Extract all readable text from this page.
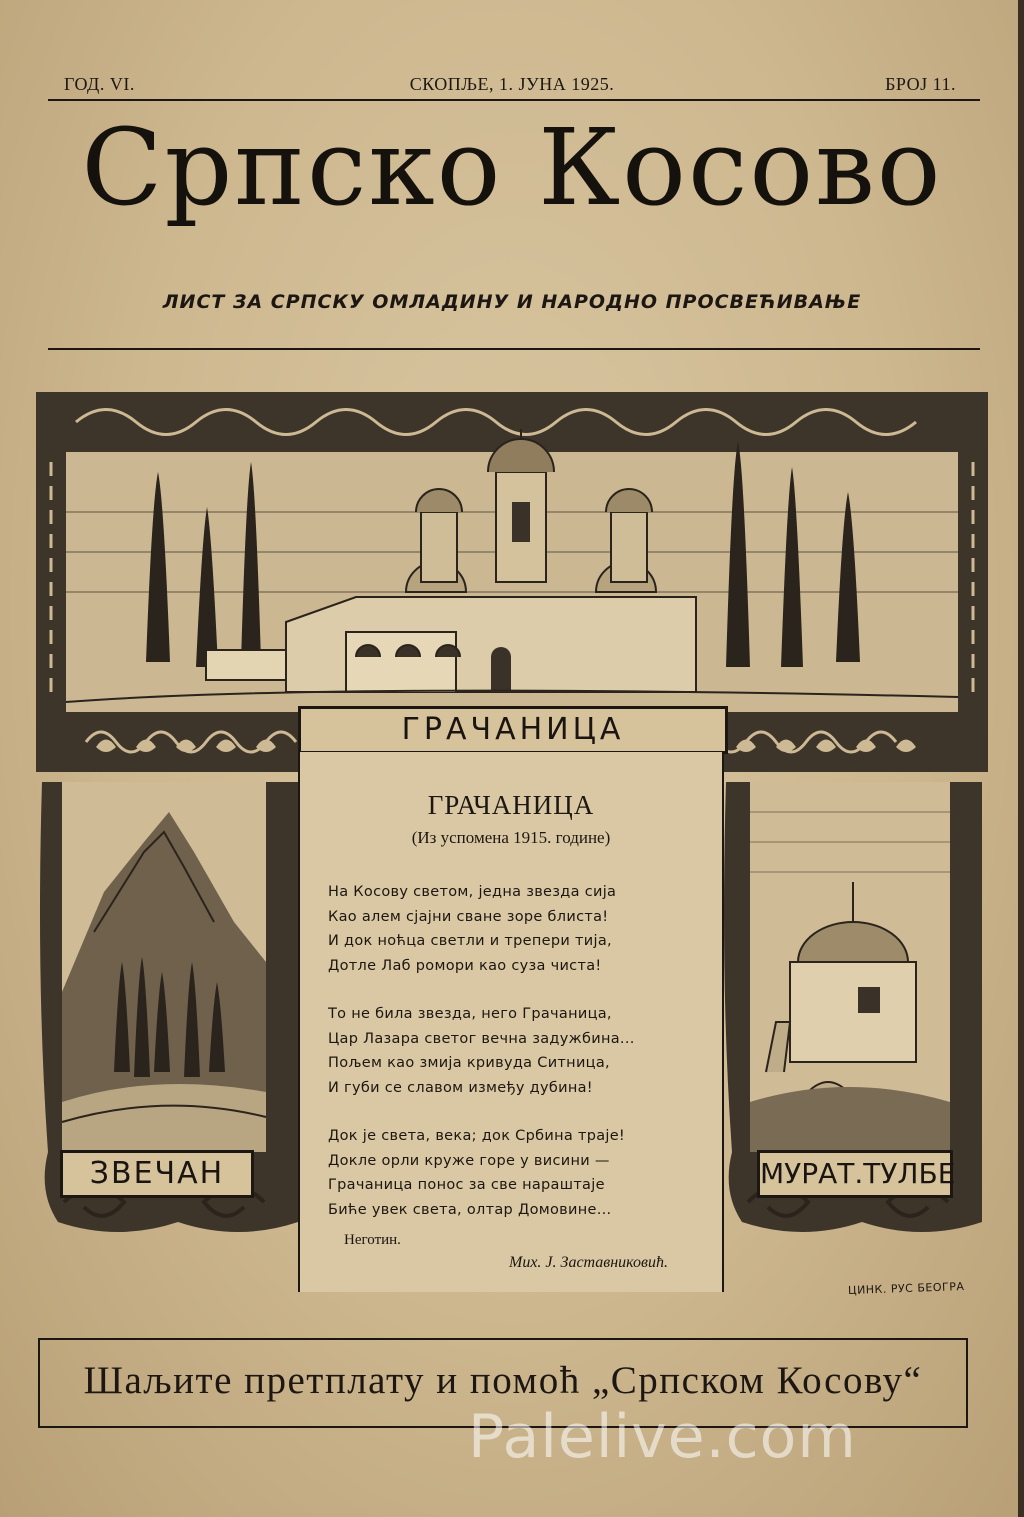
ГОД. VI.	СКОПЉЕ, 1. ЈУНА 1925.	БРОЈ 11.
Српско Косово
ЛИСТ ЗА СРПСКУ ОМЛАДИНУ И НАРОДНО ПРОСВЕЋИВАЊЕ
ГРАЧАНИЦА
ЗВЕЧАН	МУРАТ.ТУЛБЕ
ГРАЧАНИЦА
(Из успомена 1915. године)
На Косову светом, једна звезда сија
Као алем сјајни сване зоре блиста!
И док ноћца светли и трепери тија,
Дотле Лаб ромори као суза чиста!
То не била звезда, него Грачаница,
Цар Лазара светог вечна задужбина...
Пољем као змија кривуда Ситница,
И губи се славом између дубина!
Док је света, века; док Србина траје!
Докле орли круже горе у висини —
Грачаница понос за све нараштаје
Биће увек света, олтар Домовине...
Неготин.
Мих. Ј. Заставниковић.
ЦИНК. РУС БЕОГРА
Шаљите претплату и помоћ „Српском Косову“
Palelive.com
